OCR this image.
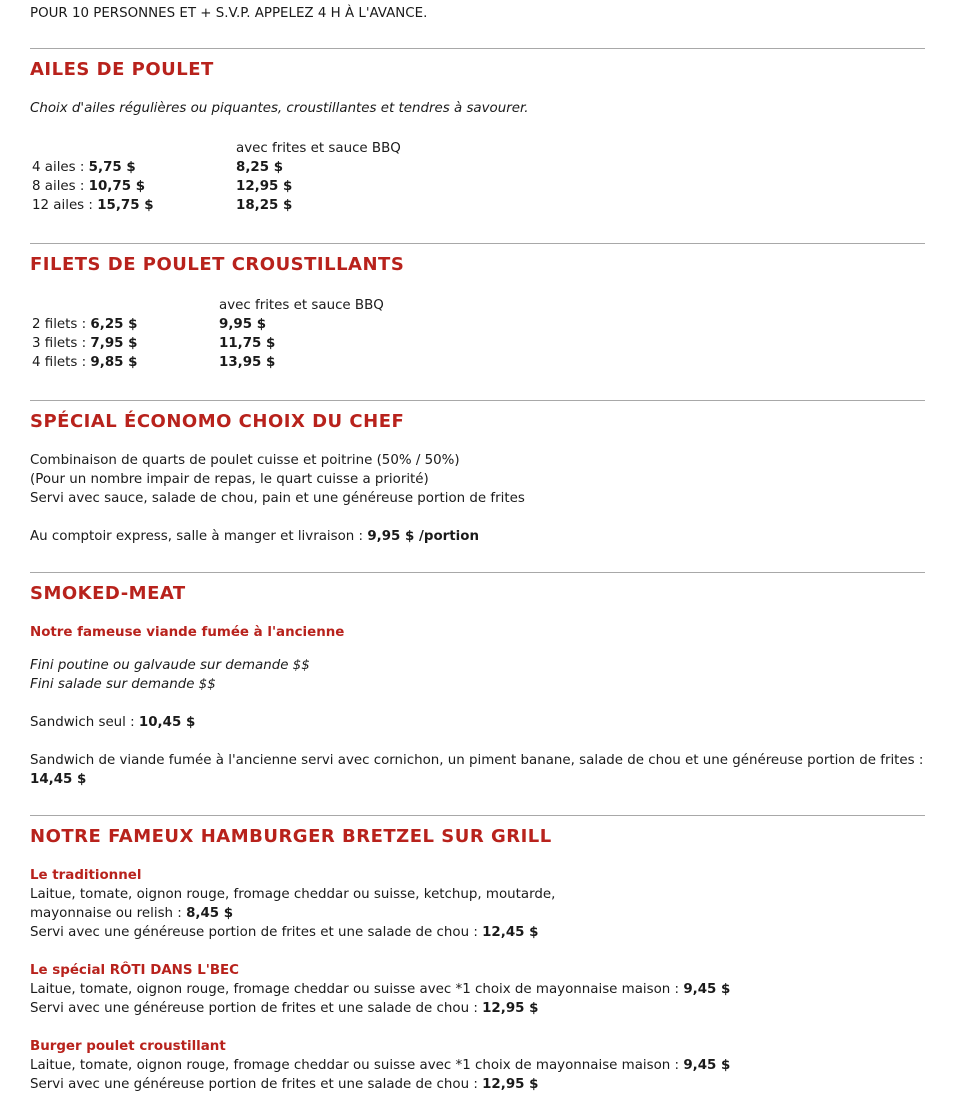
POUR 10 PERSONNES ET + S.V.P. APPELEZ 4 H À L'AVANCE.
AILES DE POULET
Choix d'ailes régulières ou piquantes, croustillantes et tendres à savourer.
avec frites et sauce BBQ
4 ailes : 5,75 $	8,25 $
8 ailes : 10,75 $	12,95 $
12 ailes : 15,75 $	18,25 $
FILETS DE POULET CROUSTILLANTS
avec frites et sauce BBQ
2 filets : 6,25 $	9,95 $
3 filets : 7,95 $	11,75 $
4 filets : 9,85 $	13,95 $
SPÉCIAL ÉCONOMO CHOIX DU CHEF
Combinaison de quarts de poulet cuisse et poitrine (50% / 50%)
(Pour un nombre impair de repas, le quart cuisse a priorité)
Servi avec sauce, salade de chou, pain et une généreuse portion de frites
Au comptoir express, salle à manger et livraison : 9,95 $ /portion
SMOKED-MEAT
Notre fameuse viande fumée à l'ancienne
Fini poutine ou galvaude sur demande $$
Fini salade sur demande $$
Sandwich seul : 10,45 $
Sandwich de viande fumée à l'ancienne servi avec cornichon, un piment banane, salade de chou et une généreuse portion de frites :
14,45 $
NOTRE FAMEUX HAMBURGER BRETZEL SUR GRILL
Le traditionnel
Laitue, tomate, oignon rouge, fromage cheddar ou suisse, ketchup, moutarde,
mayonnaise ou relish : 8,45 $
Servi avec une généreuse portion de frites et une salade de chou : 12,45 $
Le spécial RÔTI DANS L'BEC
Laitue, tomate, oignon rouge, fromage cheddar ou suisse avec *1 choix de mayonnaise maison : 9,45 $
Servi avec une généreuse portion de frites et une salade de chou : 12,95 $
Burger poulet croustillant
Laitue, tomate, oignon rouge, fromage cheddar ou suisse avec *1 choix de mayonnaise maison : 9,45 $
Servi avec une généreuse portion de frites et une salade de chou : 12,95 $
